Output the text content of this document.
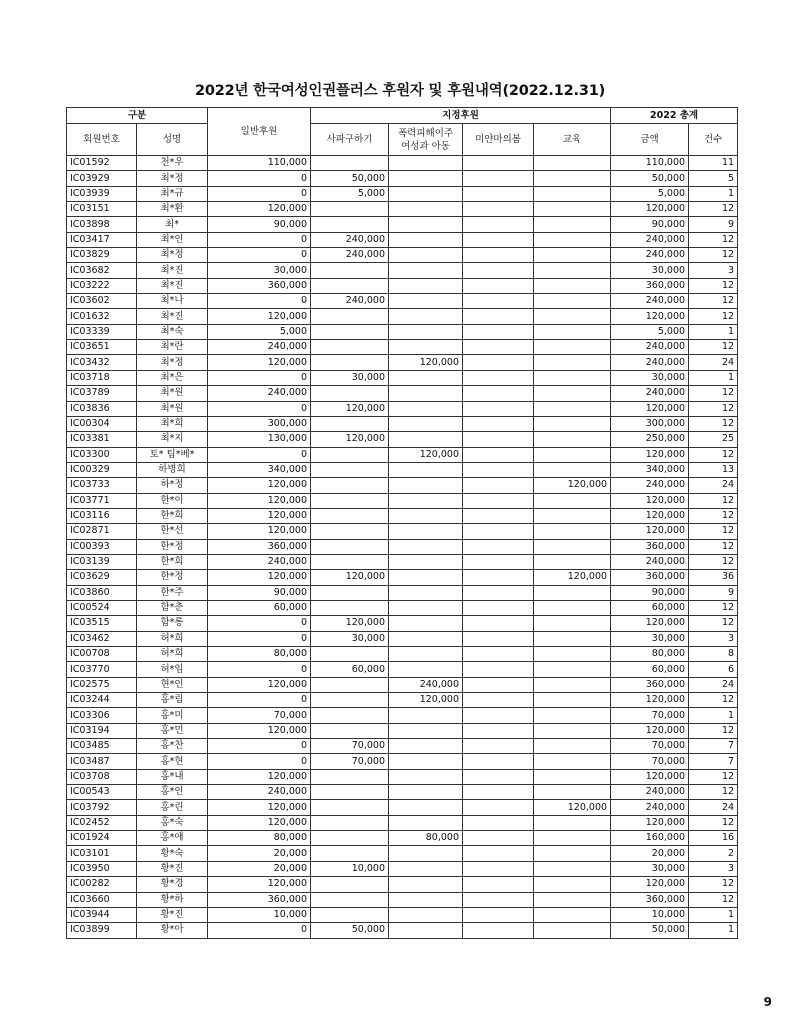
2022년 한국여성인권플러스 후원자 및 후원내역(2022.12.31)
구분		일반후원	지정후원				2022 총계	
회원번호	성명		사파구하기	폭력피해이주
여성과 아동	미얀마의봄	교육	금액	건수
IC01592	천*우	110,000					110,000	11
IC03929	최*정	0	50,000				50,000	5
IC03939	최*규	0	5,000				5,000	1
IC03151	최*환	120,000					120,000	12
IC03898	최*	90,000					90,000	9
IC03417	최*인	0	240,000				240,000	12
IC03829	최*정	0	240,000				240,000	12
IC03682	최*진	30,000					30,000	3
IC03222	최*진	360,000					360,000	12
IC03602	최*나	0	240,000				240,000	12
IC01632	최*진	120,000					120,000	12
IC03339	최*숙	5,000					5,000	1
IC03651	최*란	240,000					240,000	12
IC03432	최*정	120,000		120,000			240,000	24
IC03718	최*은	0	30,000				30,000	1
IC03789	최*원	240,000					240,000	12
IC03836	최*원	0	120,000				120,000	12
IC00304	최*희	300,000					300,000	12
IC03381	최*지	130,000	120,000				250,000	25
IC03300	토* 팀*베*	0		120,000			120,000	12
IC00329	하병희	340,000					340,000	13
IC03733	하*정	120,000				120,000	240,000	24
IC03771	한*이	120,000					120,000	12
IC03116	한*희	120,000					120,000	12
IC02871	한*선	120,000					120,000	12
IC00393	한*정	360,000					360,000	12
IC03139	한*희	240,000					240,000	12
IC03629	한*정	120,000	120,000			120,000	360,000	36
IC03860	한*주	90,000					90,000	9
IC00524	함*춘	60,000					60,000	12
IC03515	함*롱	0	120,000				120,000	12
IC03462	허*희	0	30,000				30,000	3
IC00708	허*희	80,000					80,000	8
IC03770	허*임	0	60,000				60,000	6
IC02575	현*인	120,000		240,000			360,000	24
IC03244	홍*림	0		120,000			120,000	12
IC03306	홍*미	70,000					70,000	1
IC03194	홍*민	120,000					120,000	12
IC03485	홍*찬	0	70,000				70,000	7
IC03487	홍*현	0	70,000				70,000	7
IC03708	홍*내	120,000					120,000	12
IC00543	홍*인	240,000					240,000	12
IC03792	홍*린	120,000				120,000	240,000	24
IC02452	홍*숙	120,000					120,000	12
IC01924	홍*애	80,000		80,000			160,000	16
IC03101	황*숙	20,000					20,000	2
IC03950	황*진	20,000	10,000				30,000	3
IC00282	황*경	120,000					120,000	12
IC03660	황*하	360,000					360,000	12
IC03944	황*진	10,000					10,000	1
IC03899	황*아	0	50,000				50,000	1
9
